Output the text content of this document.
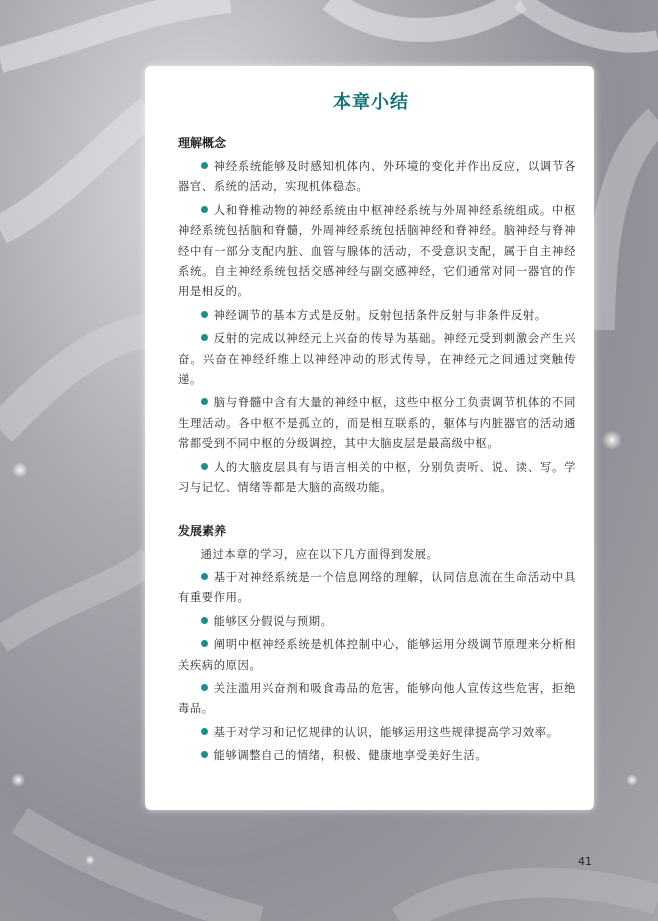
本章小结
理解概念

神经系统能够及时感知机体内、外环境的变化并作出反应，以调节各器官、系统的活动，实现机体稳态。

人和脊椎动物的神经系统由中枢神经系统与外周神经系统组成。中枢神经系统包括脑和脊髓，外周神经系统包括脑神经和脊神经。脑神经与脊神经中有一部分支配内脏、血管与腺体的活动，不受意识支配，属于自主神经系统。自主神经系统包括交感神经与副交感神经，它们通常对同一器官的作用是相反的。

神经调节的基本方式是反射。反射包括条件反射与非条件反射。

反射的完成以神经元上兴奋的传导为基础。神经元受到刺激会产生兴奋。兴奋在神经纤维上以神经冲动的形式传导，在神经元之间通过突触传递。

脑与脊髓中含有大量的神经中枢，这些中枢分工负责调节机体的不同生理活动。各中枢不是孤立的，而是相互联系的，躯体与内脏器官的活动通常都受到不同中枢的分级调控，其中大脑皮层是最高级中枢。

人的大脑皮层具有与语言相关的中枢，分别负责听、说、读、写。学习与记忆、情绪等都是大脑的高级功能。

发展素养

通过本章的学习，应在以下几方面得到发展。

基于对神经系统是一个信息网络的理解，认同信息流在生命活动中具有重要作用。

能够区分假说与预期。

阐明中枢神经系统是机体控制中心，能够运用分级调节原理来分析相关疾病的原因。

关注滥用兴奋剂和吸食毒品的危害，能够向他人宣传这些危害，拒绝毒品。

基于对学习和记忆规律的认识，能够运用这些规律提高学习效率。

能够调整自己的情绪，积极、健康地享受美好生活。

41
